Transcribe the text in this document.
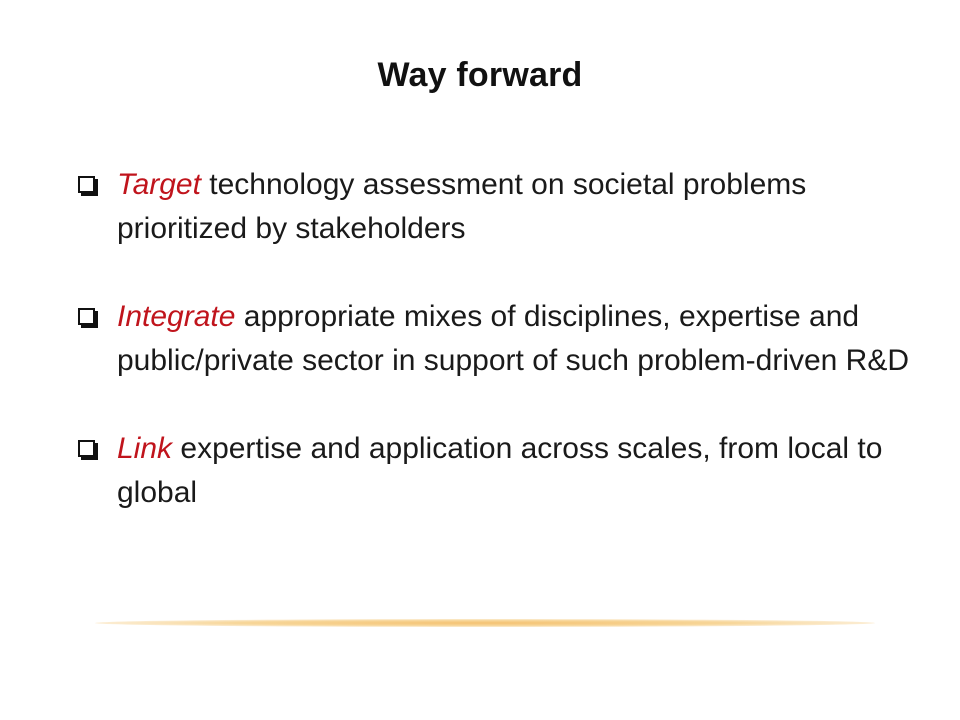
Way forward
Target technology assessment on societal problems prioritized by stakeholders
Integrate appropriate mixes of disciplines, expertise and public/private sector in support of such problem-driven R&D
Link expertise and application across scales, from local to global
